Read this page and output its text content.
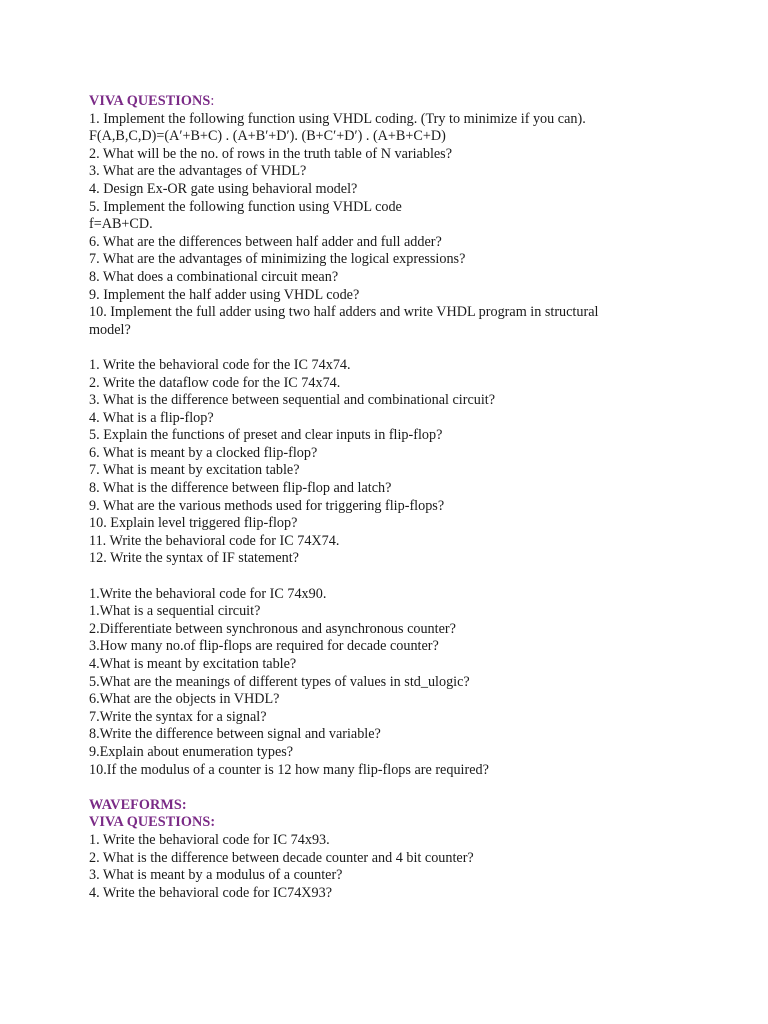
VIVA QUESTIONS:
1. Implement the following function using VHDL coding. (Try to minimize if you can).
F(A,B,C,D)=(A′+B+C) . (A+B′+D′). (B+C′+D′) . (A+B+C+D)
2. What will be the no. of rows in the truth table of N variables?
3. What are the advantages of VHDL?
4. Design Ex-OR gate using behavioral model?
5. Implement the following function using VHDL code
f=AB+CD.
6. What are the differences between half adder and full adder?
7. What are the advantages of minimizing the logical expressions?
8. What does a combinational circuit mean?
9. Implement the half adder using VHDL code?
10. Implement the full adder using two half adders and write VHDL program in structural model?
1. Write the behavioral code for the IC 74x74.
2. Write the dataflow code for the IC 74x74.
3. What is the difference between sequential and combinational circuit?
4. What is a flip-flop?
5. Explain the functions of preset and clear inputs in flip-flop?
6. What is meant by a clocked flip-flop?
7. What is meant by excitation table?
8. What is the difference between flip-flop and latch?
9. What are the various methods used for triggering flip-flops?
10. Explain level triggered flip-flop?
11. Write the behavioral code for IC 74X74.
12. Write the syntax of IF statement?
1.Write the behavioral code for IC 74x90.
1.What is a sequential circuit?
2.Differentiate between synchronous and asynchronous counter?
3.How many no.of flip-flops are required for decade counter?
4.What is meant by excitation table?
5.What are the meanings of different types of values in std_ulogic?
6.What are the objects in VHDL?
7.Write the syntax for a signal?
8.Write the difference between signal and variable?
9.Explain about enumeration types?
10.If the modulus of a counter is 12 how many flip-flops are required?
WAVEFORMS:
VIVA QUESTIONS:
1. Write the behavioral code for IC 74x93.
2. What is the difference between decade counter and 4 bit counter?
3. What is meant by a modulus of a counter?
4. Write the behavioral code for IC74X93?
